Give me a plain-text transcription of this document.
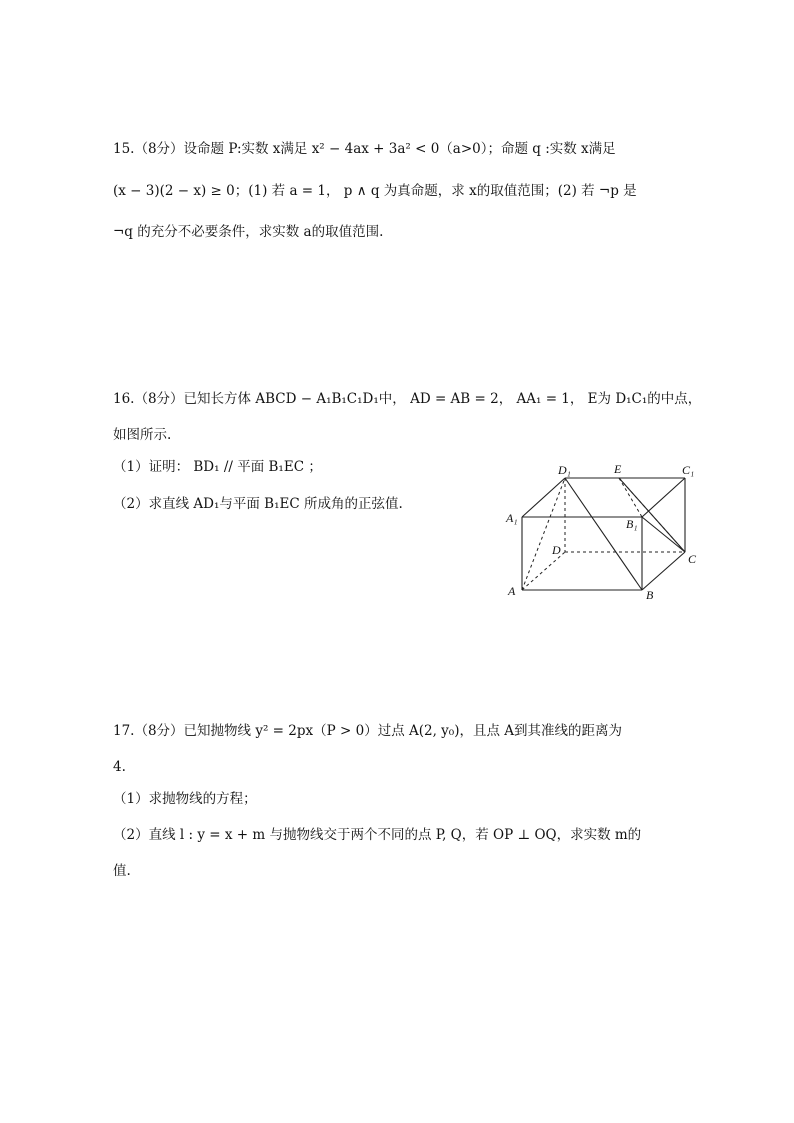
15.（8分）设命题 P:实数 x满足 x² − 4ax + 3a² < 0（a>0）；命题 q :实数 x满足
(x − 3)(2 − x) ≥ 0；(1) 若 a = 1， p ∧ q 为真命题，求 x的取值范围；(2) 若 ¬p 是
¬q 的充分不必要条件，求实数 a的取值范围.
16.（8分）已知长方体 ABCD − A₁B₁C₁D₁中， AD = AB = 2， AA₁ = 1， E为 D₁C₁的中点，
如图所示.
（1）证明： BD₁ // 平面 B₁EC ；
（2）求直线 AD₁与平面 B₁EC 所成角的正弦值.
D₁	E	C₁
A₁	B₁
D
C
A	B
17.（8分）已知抛物线 y² = 2px（P > 0）过点 A(2, y₀)，且点 A到其准线的距离为
4.
（1）求抛物线的方程；
（2）直线 l : y = x + m 与抛物线交于两个不同的点 P, Q，若 OP ⊥ OQ，求实数 m的
值.
